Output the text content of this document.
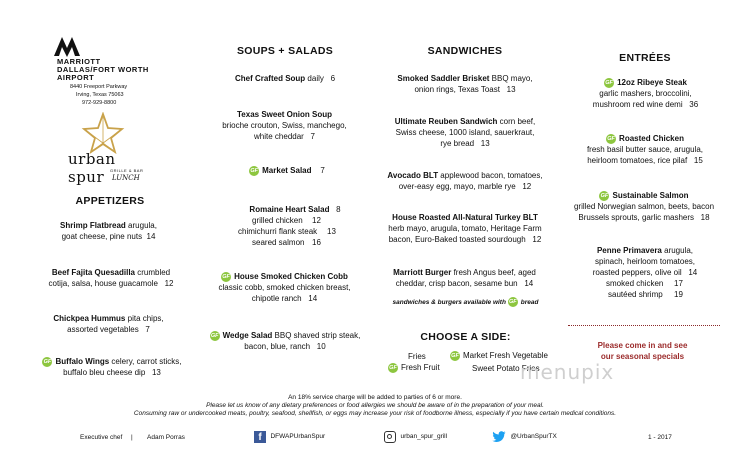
MARRIOTT
DALLAS/FORT WORTH
AIRPORT
8440 Freeport Parkway
Irving, Texas 75063
972-929-8800
urban spur	GRILLE & BAR
LUNCH
APPETIZERS
Shrimp Flatbread arugula,
goat cheese, pine nuts 14
Beef Fajita Quesadilla crumbled
cotija, salsa, house guacamole 12
Chickpea Hummus pita chips,
assorted vegetables 7
GF Buffalo Wings celery, carrot sticks,
buffalo bleu cheese dip 13
SOUPS + SALADS
Chef Crafted Soup daily 6
Texas Sweet Onion Soup
brioche crouton, Swiss, manchego,
white cheddar 7
GF Market Salad 7
Romaine Heart Salad 8
grilled chicken 12
chimichurri flank steak 13
seared salmon 16
GF House Smoked Chicken Cobb
classic cobb, smoked chicken breast,
chipotle ranch 14
GF Wedge Salad BBQ shaved strip steak,
bacon, blue, ranch 10
SANDWICHES
Smoked Saddler Brisket BBQ mayo,
onion rings, Texas Toast 13
Ultimate Reuben Sandwich corn beef,
Swiss cheese, 1000 island, sauerkraut,
rye bread 13
Avocado BLT applewood bacon, tomatoes,
over-easy egg, mayo, marble rye 12
House Roasted All-Natural Turkey BLT
herb mayo, arugula, tomato, Heritage Farm
bacon, Euro-Baked toasted sourdough 12
Marriott Burger fresh Angus beef, aged
cheddar, crisp bacon, sesame bun 14
sandwiches & burgers available with GF bread
CHOOSE A SIDE:
Fries	GF Market Fresh Vegetable
GF Fresh Fruit	Sweet Potato Fries
ENTRÉES
GF 12oz Ribeye Steak
garlic mashers, broccolini,
mushroom red wine demi 36
GF Roasted Chicken
fresh basil butter sauce, arugula,
heirloom tomatoes, rice pilaf 15
GF Sustainable Salmon
grilled Norwegian salmon, beets, bacon
Brussels sprouts, garlic mashers 18
Penne Primavera arugula,
spinach, heirloom tomatoes,
roasted peppers, olive oil 14
smoked chicken 17
sautéed shrimp 19
Please come in and see
our seasonal specials
menupix
An 18% service charge will be added to parties of 6 or more.
Please let us know of any dietary preferences or food allergies we should be aware of in the preparation of your meal.
Consuming raw or undercooked meats, poultry, seafood, shellfish, or eggs may increase your risk of foodborne illness, especially if you have certain medical conditions.
Executive chef | Adam Porras	f DFWAPUrbanSpur	urban_spur_grill	@UrbanSpurTX	1 - 2017
